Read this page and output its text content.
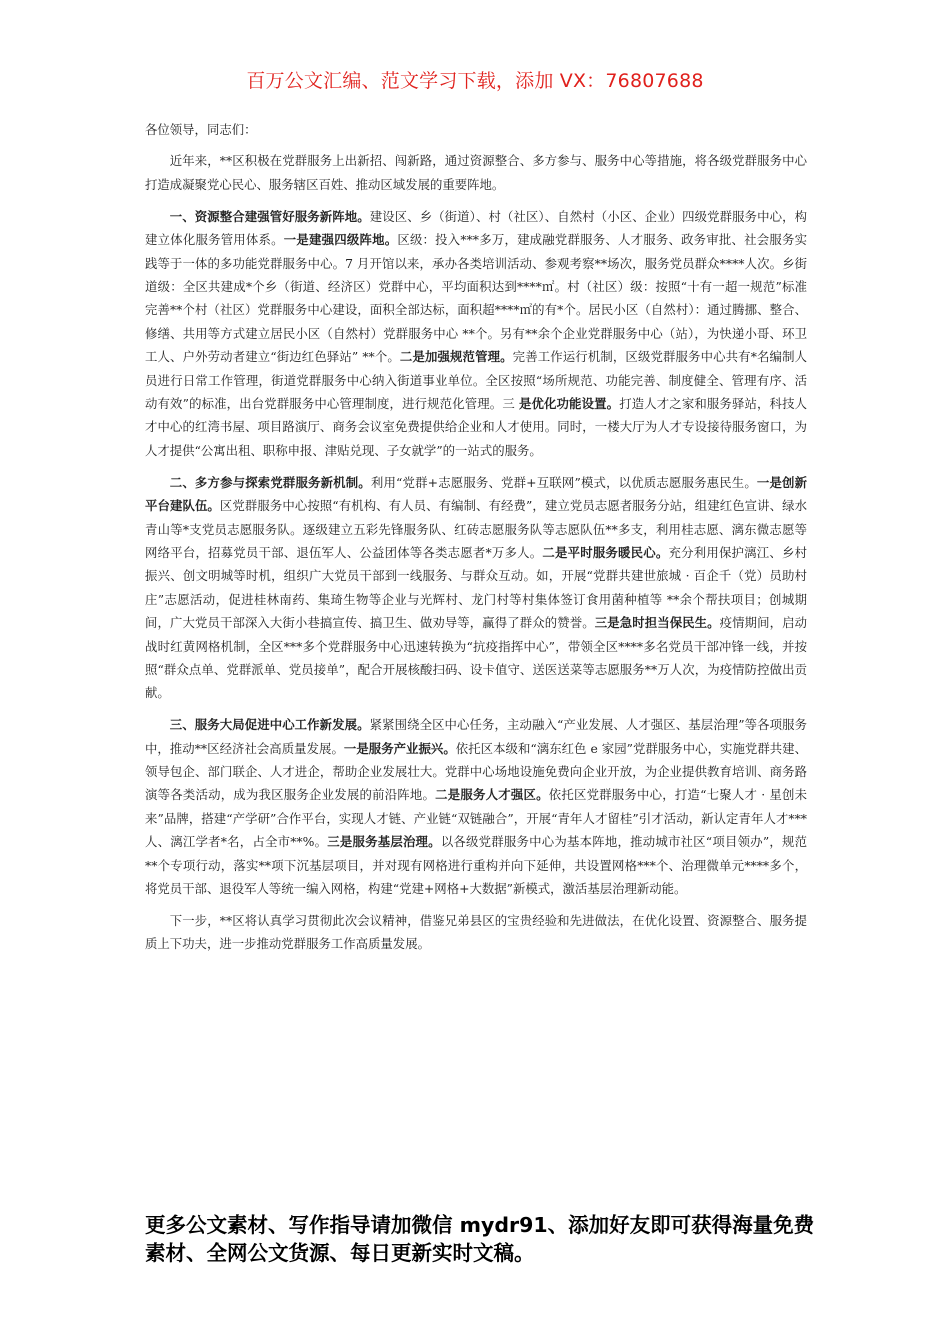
百万公文汇编、范文学习下载，添加 VX：76807688

各位领导，同志们：

近年来，**区积极在党群服务上出新招、闯新路，通过资源整合、多方参与、服务中心等措施，将各级党群服务中心打造成凝聚党心民心、服务辖区百姓、推动区域发展的重要阵地。

一、资源整合建强管好服务新阵地。建设区、乡（街道）、村（社区）、自然村（小区、企业）四级党群服务中心，构建立体化服务管用体系。一是建强四级阵地。区级：投入***多万，建成融党群服务、人才服务、政务审批、社会服务实践等于一体的多功能党群服务中心。7 月开馆以来，承办各类培训活动、参观考察**场次，服务党员群众****人次。乡街道级：全区共建成*个乡（街道、经济区）党群中心，平均面积达到****㎡。村（社区）级：按照“十有一超一规范”标准完善**个村（社区）党群服务中心建设，面积全部达标，面积超****㎡的有*个。居民小区（自然村）：通过腾挪、整合、修缮、共用等方式建立居民小区（自然村）党群服务中心 **个。另有**余个企业党群服务中心（站），为快递小哥、环卫工人、户外劳动者建立“街边红色驿站” **个。二是加强规范管理。完善工作运行机制，区级党群服务中心共有*名编制人员进行日常工作管理，街道党群服务中心纳入街道事业单位。全区按照“场所规范、功能完善、制度健全、管理有序、活动有效”的标准，出台党群服务中心管理制度，进行规范化管理。三 是优化功能设置。打造人才之家和服务驿站，科技人才中心的红湾书屋、项目路演厅、商务会议室免费提供给企业和人才使用。同时，一楼大厅为人才专设接待服务窗口，为人才提供“公寓出租、职称申报、津贴兑现、子女就学”的一站式的服务。

二、多方参与探索党群服务新机制。利用“党群+志愿服务、党群+互联网”模式，以优质志愿服务惠民生。一是创新平台建队伍。区党群服务中心按照“有机构、有人员、有编制、有经费”，建立党员志愿者服务分站，组建红色宣讲、绿水青山等*支党员志愿服务队。逐级建立五彩先锋服务队、红砖志愿服务队等志愿队伍**多支，利用桂志愿、漓东微志愿等网络平台，招募党员干部、退伍军人、公益团体等各类志愿者*万多人。二是平时服务暖民心。充分利用保护漓江、乡村振兴、创文明城等时机，组织广大党员干部到一线服务、与群众互动。如，开展“党群共建世旅城 · 百企千（党）员助村庄”志愿活动，促进桂林南药、集琦生物等企业与光辉村、龙门村等村集体签订食用菌种植等 **余个帮扶项目；创城期间，广大党员干部深入大街小巷搞宣传、搞卫生、做劝导等，赢得了群众的赞誉。三是急时担当保民生。疫情期间，启动战时红黄网格机制，全区***多个党群服务中心迅速转换为“抗疫指挥中心”，带领全区****多名党员干部冲锋一线，并按照“群众点单、党群派单、党员接单”，配合开展核酸扫码、设卡值守、送医送菜等志愿服务**万人次，为疫情防控做出贡献。

三、服务大局促进中心工作新发展。紧紧围绕全区中心任务，主动融入“产业发展、人才强区、基层治理”等各项服务中，推动**区经济社会高质量发展。一是服务产业振兴。依托区本级和“漓东红色 e 家园”党群服务中心，实施党群共建、领导包企、部门联企、人才进企，帮助企业发展壮大。党群中心场地设施免费向企业开放，为企业提供教育培训、商务路演等各类活动，成为我区服务企业发展的前沿阵地。二是服务人才强区。依托区党群服务中心，打造“七聚人才 · 星创未来”品牌，搭建“产学研”合作平台，实现人才链、产业链“双链融合”，开展“青年人才留桂”引才活动，新认定青年人才***人、漓江学者*名，占全市**%。三是服务基层治理。以各级党群服务中心为基本阵地，推动城市社区“项目领办”，规范**个专项行动，落实**项下沉基层项目，并对现有网格进行重构并向下延伸，共设置网格***个、治理微单元****多个，将党员干部、退役军人等统一编入网格，构建“党建+网格+大数据”新模式，激活基层治理新动能。

下一步，**区将认真学习贯彻此次会议精神，借鉴兄弟县区的宝贵经验和先进做法，在优化设置、资源整合、服务提质上下功夫，进一步推动党群服务工作高质量发展。

更多公文素材、写作指导请加微信 mydr91、添加好友即可获得海量免费素材、全网公文货源、每日更新实时文稿。
